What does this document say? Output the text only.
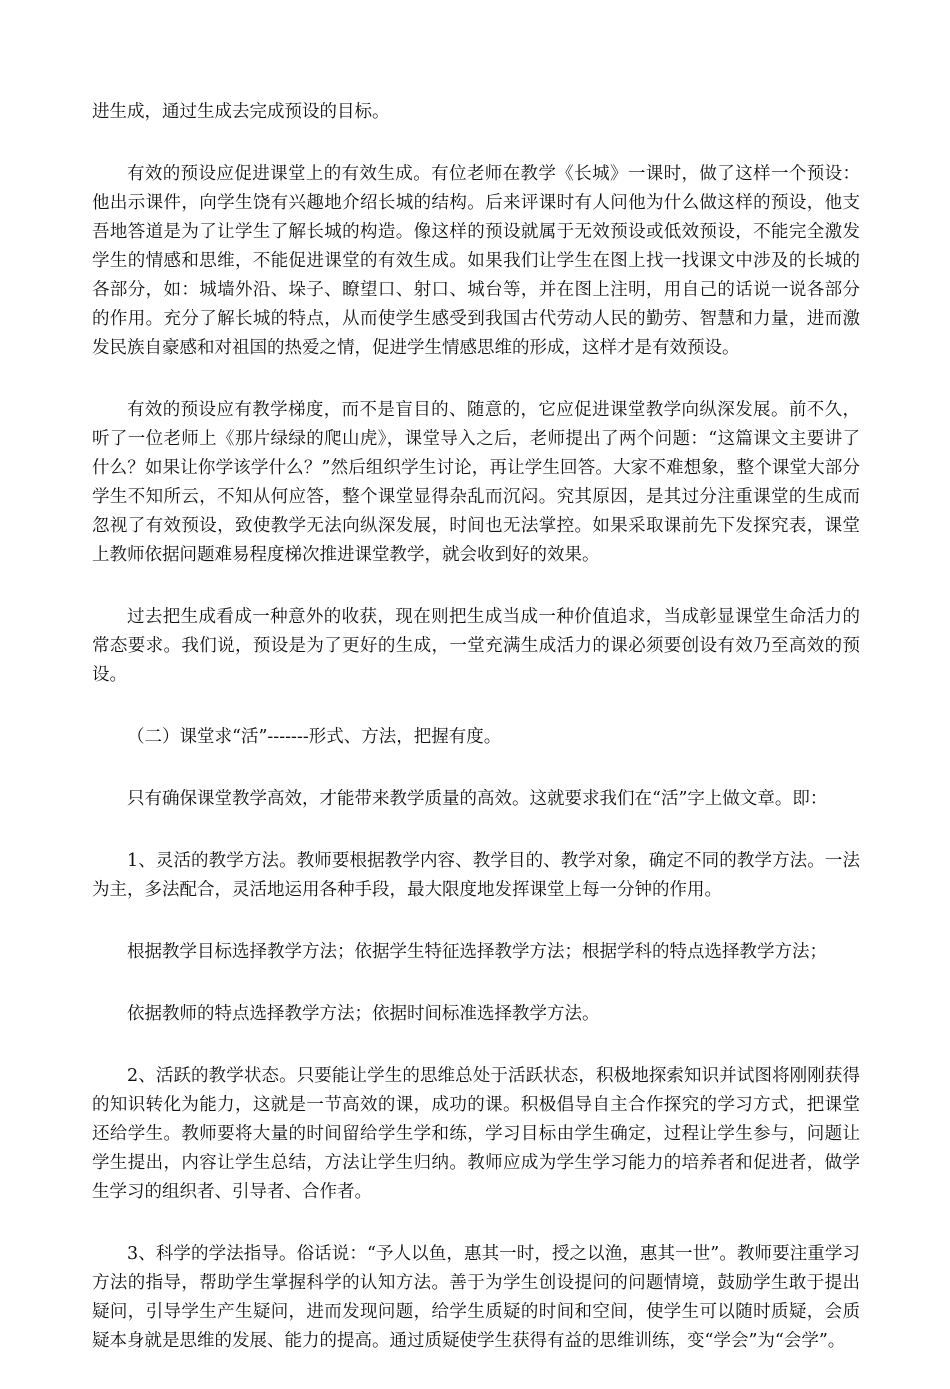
进生成，通过生成去完成预设的目标。

有效的预设应促进课堂上的有效生成。有位老师在教学《长城》一课时，做了这样一个预设：他出示课件，向学生饶有兴趣地介绍长城的结构。后来评课时有人问他为什么做这样的预设，他支吾地答道是为了让学生了解长城的构造。像这样的预设就属于无效预设或低效预设，不能完全激发学生的情感和思维，不能促进课堂的有效生成。如果我们让学生在图上找一找课文中涉及的长城的各部分，如：城墙外沿、垛子、瞭望口、射口、城台等，并在图上注明，用自己的话说一说各部分的作用。充分了解长城的特点，从而使学生感受到我国古代劳动人民的勤劳、智慧和力量，进而激发民族自豪感和对祖国的热爱之情，促进学生情感思维的形成，这样才是有效预设。

有效的预设应有教学梯度，而不是盲目的、随意的，它应促进课堂教学向纵深发展。前不久，听了一位老师上《那片绿绿的爬山虎》，课堂导入之后，老师提出了两个问题：“这篇课文主要讲了什么？如果让你学该学什么？”然后组织学生讨论，再让学生回答。大家不难想象，整个课堂大部分学生不知所云，不知从何应答，整个课堂显得杂乱而沉闷。究其原因，是其过分注重课堂的生成而忽视了有效预设，致使教学无法向纵深发展，时间也无法掌控。如果采取课前先下发探究表，课堂上教师依据问题难易程度梯次推进课堂教学，就会收到好的效果。

过去把生成看成一种意外的收获，现在则把生成当成一种价值追求，当成彰显课堂生命活力的常态要求。我们说，预设是为了更好的生成，一堂充满生成活力的课必须要创设有效乃至高效的预设。

（二）课堂求“活”-------形式、方法，把握有度。

只有确保课堂教学高效，才能带来教学质量的高效。这就要求我们在“活”字上做文章。即：

1、灵活的教学方法。教师要根据教学内容、教学目的、教学对象，确定不同的教学方法。一法为主，多法配合，灵活地运用各种手段，最大限度地发挥课堂上每一分钟的作用。

根据教学目标选择教学方法；依据学生特征选择教学方法；根据学科的特点选择教学方法；

依据教师的特点选择教学方法；依据时间标准选择教学方法。

2、活跃的教学状态。只要能让学生的思维总处于活跃状态，积极地探索知识并试图将刚刚获得的知识转化为能力，这就是一节高效的课，成功的课。积极倡导自主合作探究的学习方式，把课堂还给学生。教师要将大量的时间留给学生学和练，学习目标由学生确定，过程让学生参与，问题让学生提出，内容让学生总结，方法让学生归纳。教师应成为学生学习能力的培养者和促进者，做学生学习的组织者、引导者、合作者。

3、科学的学法指导。俗话说：“予人以鱼，惠其一时，授之以渔，惠其一世”。教师要注重学习方法的指导，帮助学生掌握科学的认知方法。善于为学生创设提问的问题情境，鼓励学生敢于提出疑问，引导学生产生疑问，进而发现问题，给学生质疑的时间和空间，使学生可以随时质疑，会质疑本身就是思维的发展、能力的提高。通过质疑使学生获得有益的思维训练，变“学会”为“会学”。
